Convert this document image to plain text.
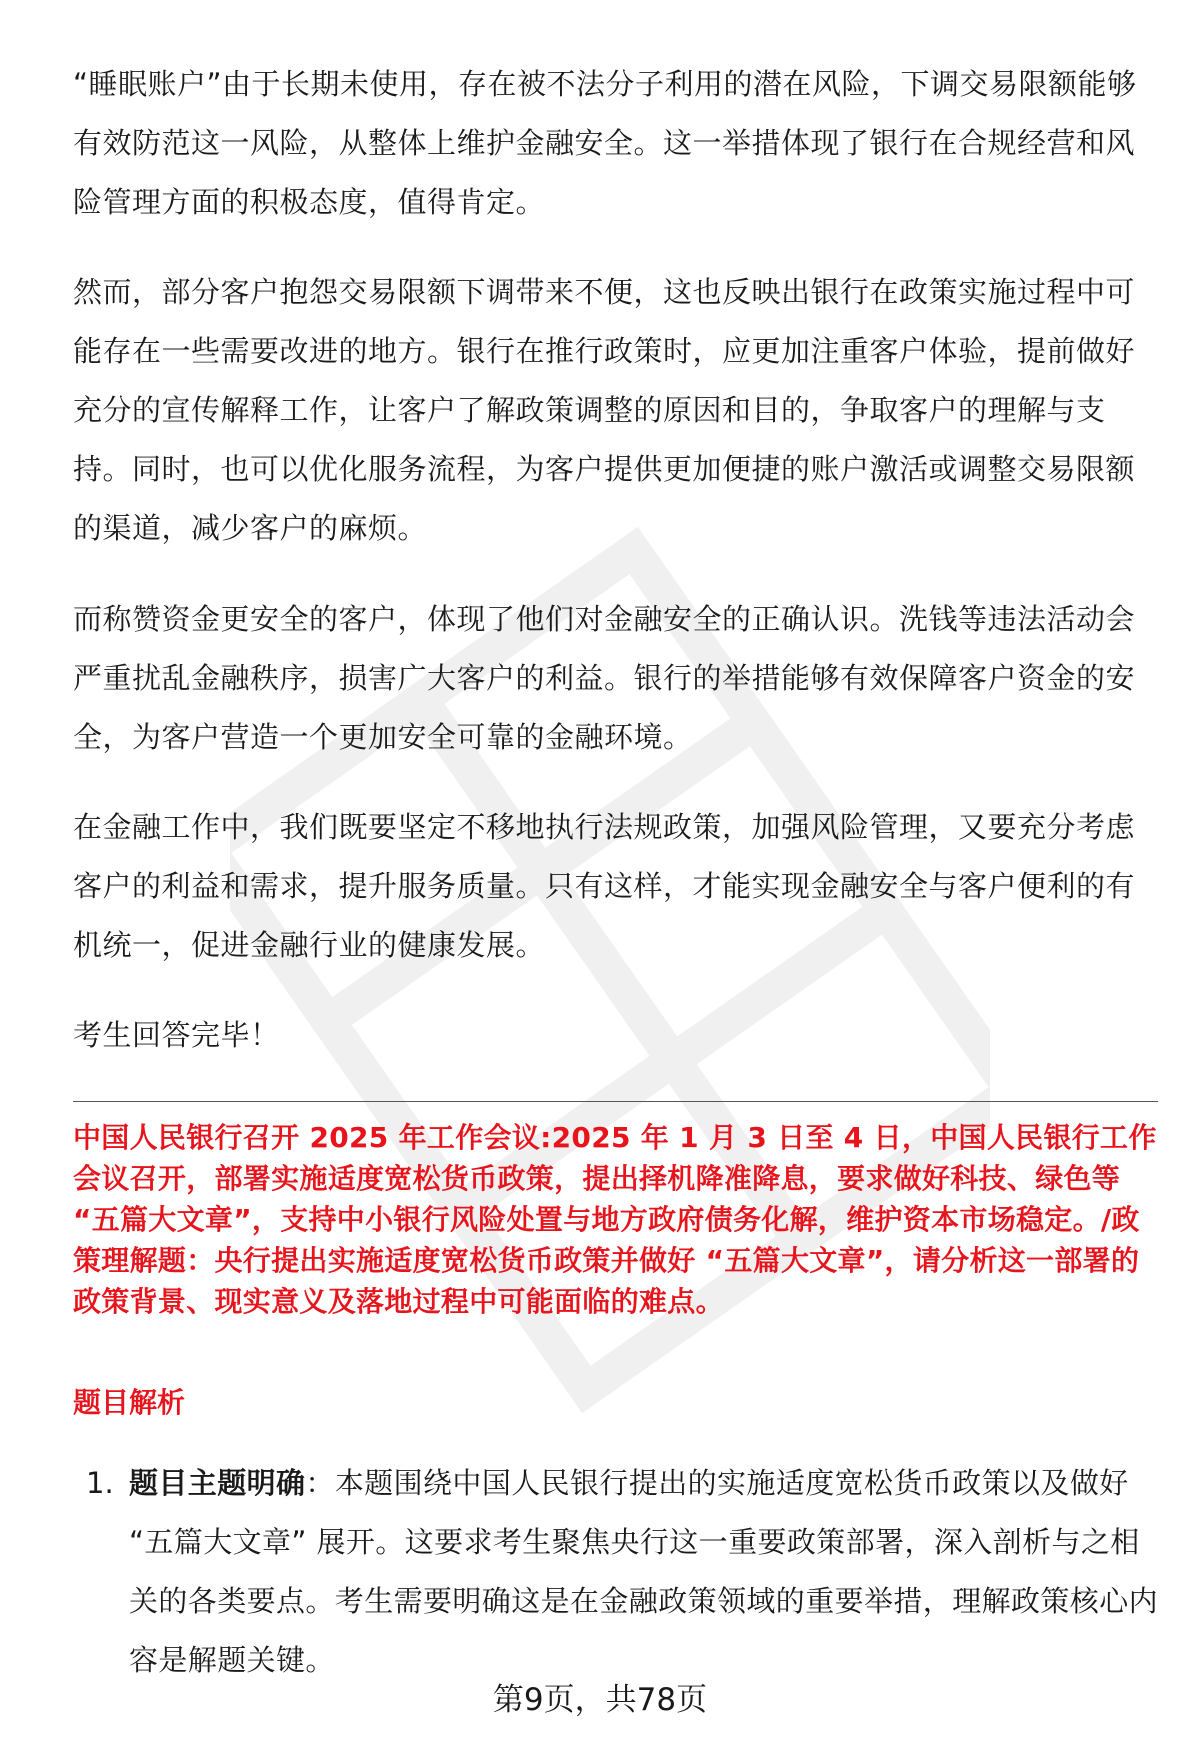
“睡眠账户”由于长期未使用，存在被不法分子利用的潜在风险，下调交易限额能够有效防范这一风险，从整体上维护金融安全。这一举措体现了银行在合规经营和风险管理方面的积极态度，值得肯定。

然而，部分客户抱怨交易限额下调带来不便，这也反映出银行在政策实施过程中可能存在一些需要改进的地方。银行在推行政策时，应更加注重客户体验，提前做好充分的宣传解释工作，让客户了解政策调整的原因和目的，争取客户的理解与支持。同时，也可以优化服务流程，为客户提供更加便捷的账户激活或调整交易限额的渠道，减少客户的麻烦。

而称赞资金更安全的客户，体现了他们对金融安全的正确认识。洗钱等违法活动会严重扰乱金融秩序，损害广大客户的利益。银行的举措能够有效保障客户资金的安全，为客户营造一个更加安全可靠的金融环境。

在金融工作中，我们既要坚定不移地执行法规政策，加强风险管理，又要充分考虑客户的利益和需求，提升服务质量。只有这样，才能实现金融安全与客户便利的有机统一，促进金融行业的健康发展。

考生回答完毕！

中国人民银行召开 2025 年工作会议:2025 年 1 月 3 日至 4 日，中国人民银行工作会议召开，部署实施适度宽松货币政策，提出择机降准降息，要求做好科技、绿色等 “五篇大文章”，支持中小银行风险处置与地方政府债务化解，维护资本市场稳定。/政策理解题：央行提出实施适度宽松货币政策并做好 “五篇大文章”，请分析这一部署的政策背景、现实意义及落地过程中可能面临的难点。

题目解析

1. 题目主题明确：本题围绕中国人民银行提出的实施适度宽松货币政策以及做好 “五篇大文章” 展开。这要求考生聚焦央行这一重要政策部署，深入剖析与之相关的各类要点。考生需要明确这是在金融政策领域的重要举措，理解政策核心内容是解题关键。
第9页，共78页
